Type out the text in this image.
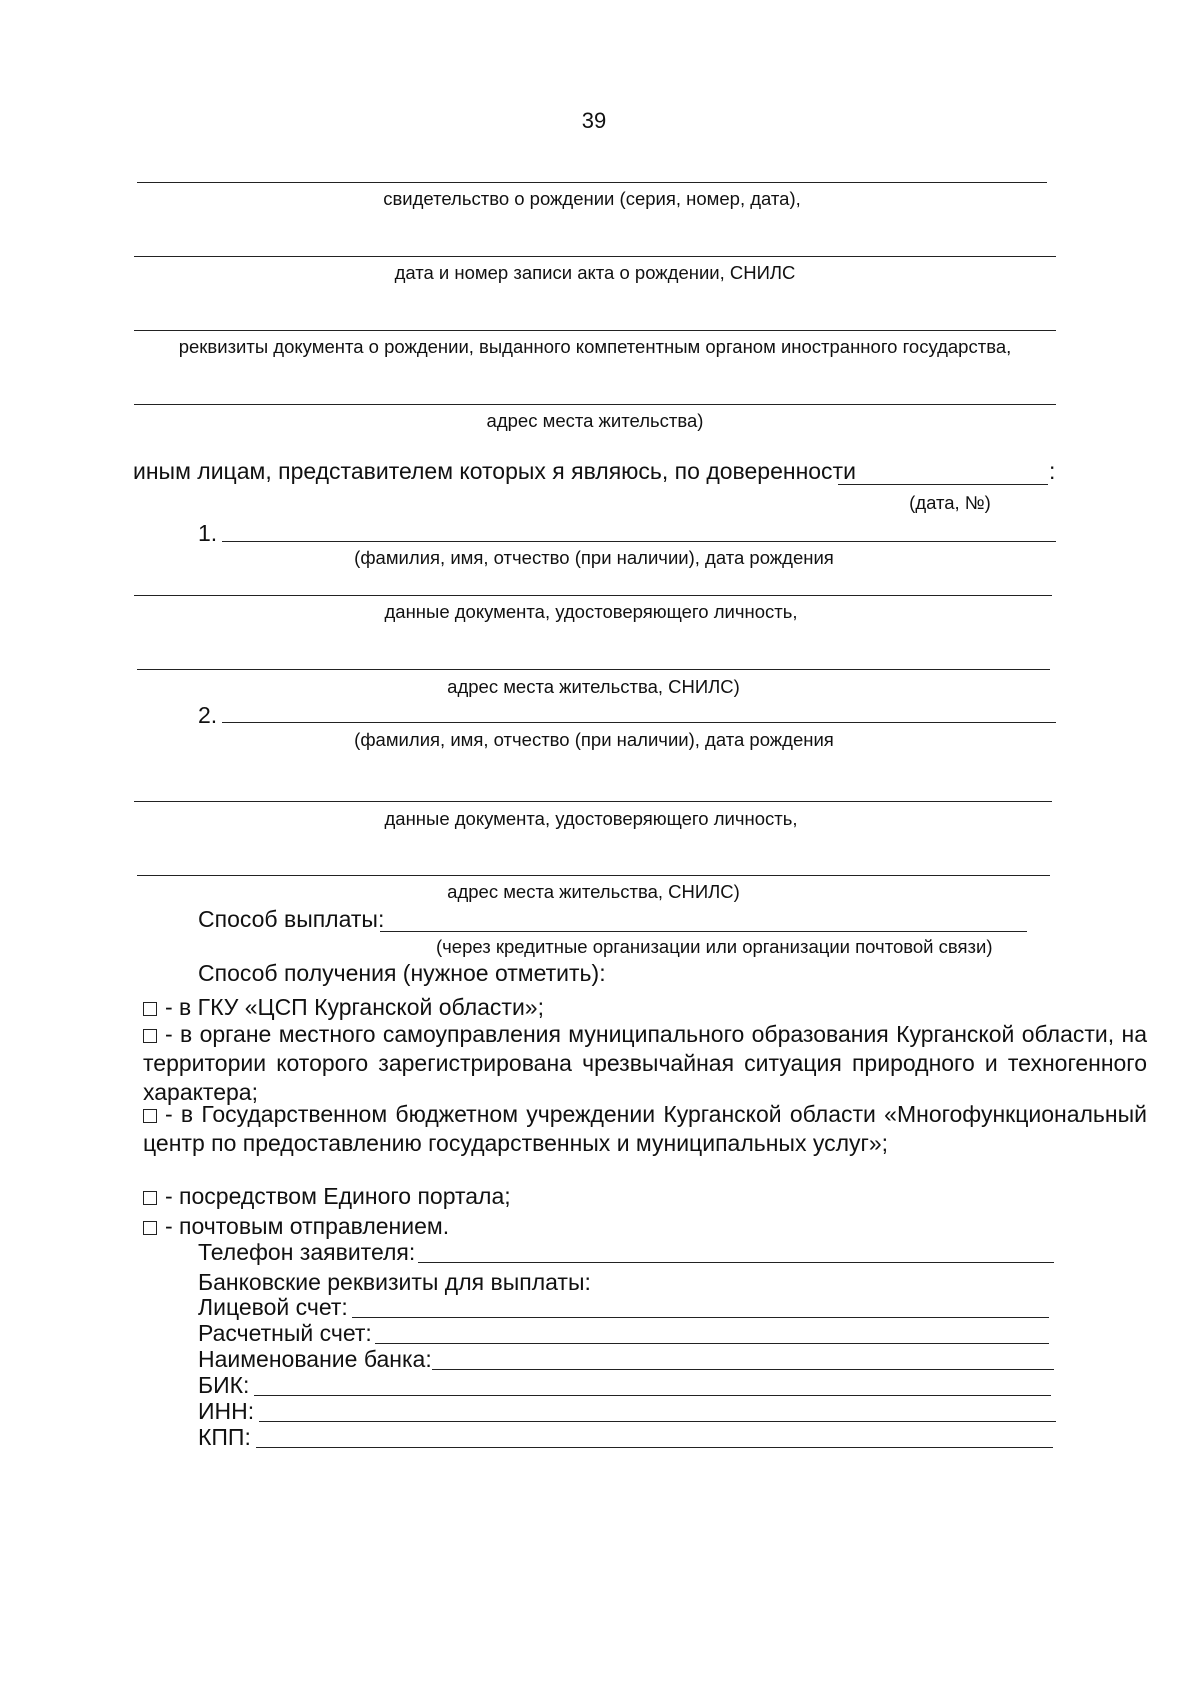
39
свидетельство о рождении (серия, номер, дата),
дата и номер записи акта о рождении, СНИЛС
реквизиты документа о рождении, выданного компетентным органом иностранного государства,
адрес места жительства)
иным лицам, представителем которых я являюсь, по доверенности	:
(дата, №)
1.
(фамилия, имя, отчество (при наличии), дата рождения
данные документа, удостоверяющего личность,
адрес места жительства, СНИЛС)
2.
(фамилия, имя, отчество (при наличии), дата рождения
данные документа, удостоверяющего личность,
адрес места жительства, СНИЛС)
Способ выплаты:
(через кредитные организации или организации почтовой связи)
Способ получения (нужное отметить):
- в ГКУ «ЦСП Курганской области»;
- в органе местного самоуправления муниципального образования Курганской области, на территории которого зарегистрирована чрезвычайная ситуация природного и техногенного характера;
- в Государственном бюджетном учреждении Курганской области «Многофункциональный центр по предоставлению государственных и муниципальных услуг»;
- посредством Единого портала;
- почтовым отправлением.
Телефон заявителя:
Банковские реквизиты для выплаты:
Лицевой счет:
Расчетный счет:
Наименование банка:
БИК:
ИНН:
КПП:
